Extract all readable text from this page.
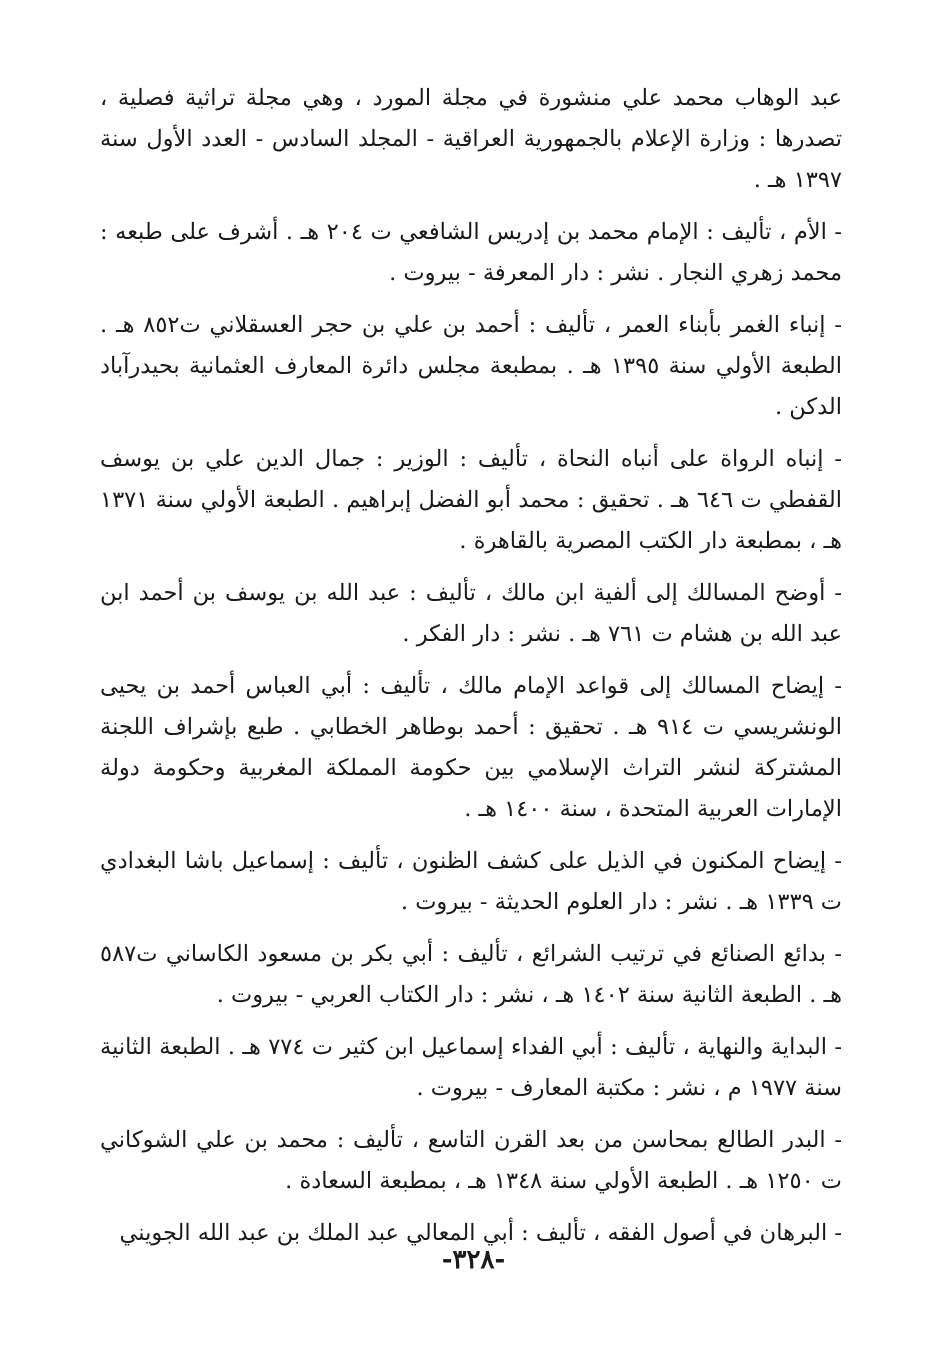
عبد الوهاب محمد علي منشورة في مجلة المورد ، وهي مجلة تراثية فصلية ، تصدرها : وزارة الإعلام بالجمهورية العراقية - المجلد السادس - العدد الأول سنة ١٣٩٧ هـ .

- الأم ، تأليف : الإمام محمد بن إدريس الشافعي ت ٢٠٤ هـ . أشرف على طبعه : محمد زهري النجار . نشر : دار المعرفة - بيروت .

- إنباء الغمر بأبناء العمر ، تأليف : أحمد بن علي بن حجر العسقلاني ت٨٥٢ هـ . الطبعة الأولي سنة ١٣٩٥ هـ . بمطبعة مجلس دائرة المعارف العثمانية بحيدرآباد الدكن .

- إنباه الرواة على أنباه النحاة ، تأليف : الوزير : جمال الدين علي بن يوسف القفطي ت ٦٤٦ هـ . تحقيق : محمد أبو الفضل إبراهيم . الطبعة الأولي سنة ١٣٧١ هـ ، بمطبعة دار الكتب المصرية بالقاهرة .

- أوضح المسالك إلى ألفية ابن مالك ، تأليف : عبد الله بن يوسف بن أحمد ابن عبد الله بن هشام ت ٧٦١ هـ . نشر : دار الفكر .

- إيضاح المسالك إلى قواعد الإمام مالك ، تأليف : أبي العباس أحمد بن يحيى الونشريسي ت ٩١٤ هـ . تحقيق : أحمد بوطاهر الخطابي . طبع بإشراف اللجنة المشتركة لنشر التراث الإسلامي بين حكومة المملكة المغربية وحكومة دولة الإمارات العربية المتحدة ، سنة ١٤٠٠ هـ .

- إيضاح المكنون في الذيل على كشف الظنون ، تأليف : إسماعيل باشا البغدادي ت ١٣٣٩ هـ . نشر : دار العلوم الحديثة - بيروت .

- بدائع الصنائع في ترتيب الشرائع ، تأليف : أبي بكر بن مسعود الكاساني ت٥٨٧ هـ . الطبعة الثانية سنة ١٤٠٢ هـ ، نشر : دار الكتاب العربي - بيروت .

- البداية والنهاية ، تأليف : أبي الفداء إسماعيل ابن كثير ت ٧٧٤ هـ . الطبعة الثانية سنة ١٩٧٧ م ، نشر : مكتبة المعارف - بيروت .

- البدر الطالع بمحاسن من بعد القرن التاسع ، تأليف : محمد بن علي الشوكاني ت ١٢٥٠ هـ . الطبعة الأولي سنة ١٣٤٨ هـ ، بمطبعة السعادة .

- البرهان في أصول الفقه ، تأليف : أبي المعالي عبد الملك بن عبد الله الجويني

-٣٢٨-
